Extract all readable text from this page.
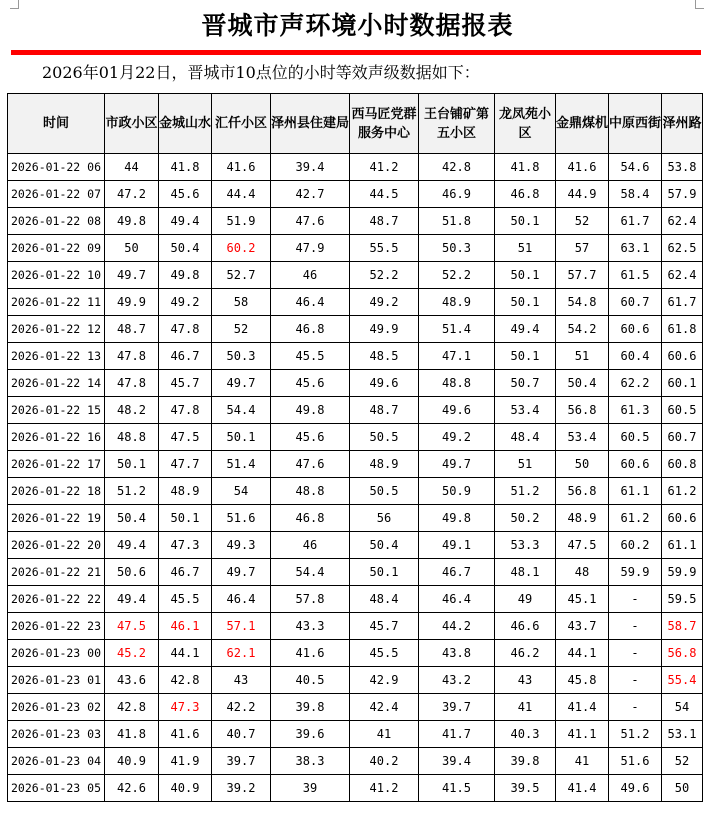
晋城市声环境小时数据报表
2026年01月22日，晋城市10点位的小时等效声级数据如下：
时间	市政小区	金城山水	汇仟小区	泽州县住建局	西马匠党群服务中心	王台铺矿第五小区	龙凤苑小区	金鼎煤机	中原西街	泽州路
2026-01-22 06	44	41.8	41.6	39.4	41.2	42.8	41.8	41.6	54.6	53.8
2026-01-22 07	47.2	45.6	44.4	42.7	44.5	46.9	46.8	44.9	58.4	57.9
2026-01-22 08	49.8	49.4	51.9	47.6	48.7	51.8	50.1	52	61.7	62.4
2026-01-22 09	50	50.4	60.2	47.9	55.5	50.3	51	57	63.1	62.5
2026-01-22 10	49.7	49.8	52.7	46	52.2	52.2	50.1	57.7	61.5	62.4
2026-01-22 11	49.9	49.2	58	46.4	49.2	48.9	50.1	54.8	60.7	61.7
2026-01-22 12	48.7	47.8	52	46.8	49.9	51.4	49.4	54.2	60.6	61.8
2026-01-22 13	47.8	46.7	50.3	45.5	48.5	47.1	50.1	51	60.4	60.6
2026-01-22 14	47.8	45.7	49.7	45.6	49.6	48.8	50.7	50.4	62.2	60.1
2026-01-22 15	48.2	47.8	54.4	49.8	48.7	49.6	53.4	56.8	61.3	60.5
2026-01-22 16	48.8	47.5	50.1	45.6	50.5	49.2	48.4	53.4	60.5	60.7
2026-01-22 17	50.1	47.7	51.4	47.6	48.9	49.7	51	50	60.6	60.8
2026-01-22 18	51.2	48.9	54	48.8	50.5	50.9	51.2	56.8	61.1	61.2
2026-01-22 19	50.4	50.1	51.6	46.8	56	49.8	50.2	48.9	61.2	60.6
2026-01-22 20	49.4	47.3	49.3	46	50.4	49.1	53.3	47.5	60.2	61.1
2026-01-22 21	50.6	46.7	49.7	54.4	50.1	46.7	48.1	48	59.9	59.9
2026-01-22 22	49.4	45.5	46.4	57.8	48.4	46.4	49	45.1	-	59.5
2026-01-22 23	47.5	46.1	57.1	43.3	45.7	44.2	46.6	43.7	-	58.7
2026-01-23 00	45.2	44.1	62.1	41.6	45.5	43.8	46.2	44.1	-	56.8
2026-01-23 01	43.6	42.8	43	40.5	42.9	43.2	43	45.8	-	55.4
2026-01-23 02	42.8	47.3	42.2	39.8	42.4	39.7	41	41.4	-	54
2026-01-23 03	41.8	41.6	40.7	39.6	41	41.7	40.3	41.1	51.2	53.1
2026-01-23 04	40.9	41.9	39.7	38.3	40.2	39.4	39.8	41	51.6	52
2026-01-23 05	42.6	40.9	39.2	39	41.2	41.5	39.5	41.4	49.6	50
